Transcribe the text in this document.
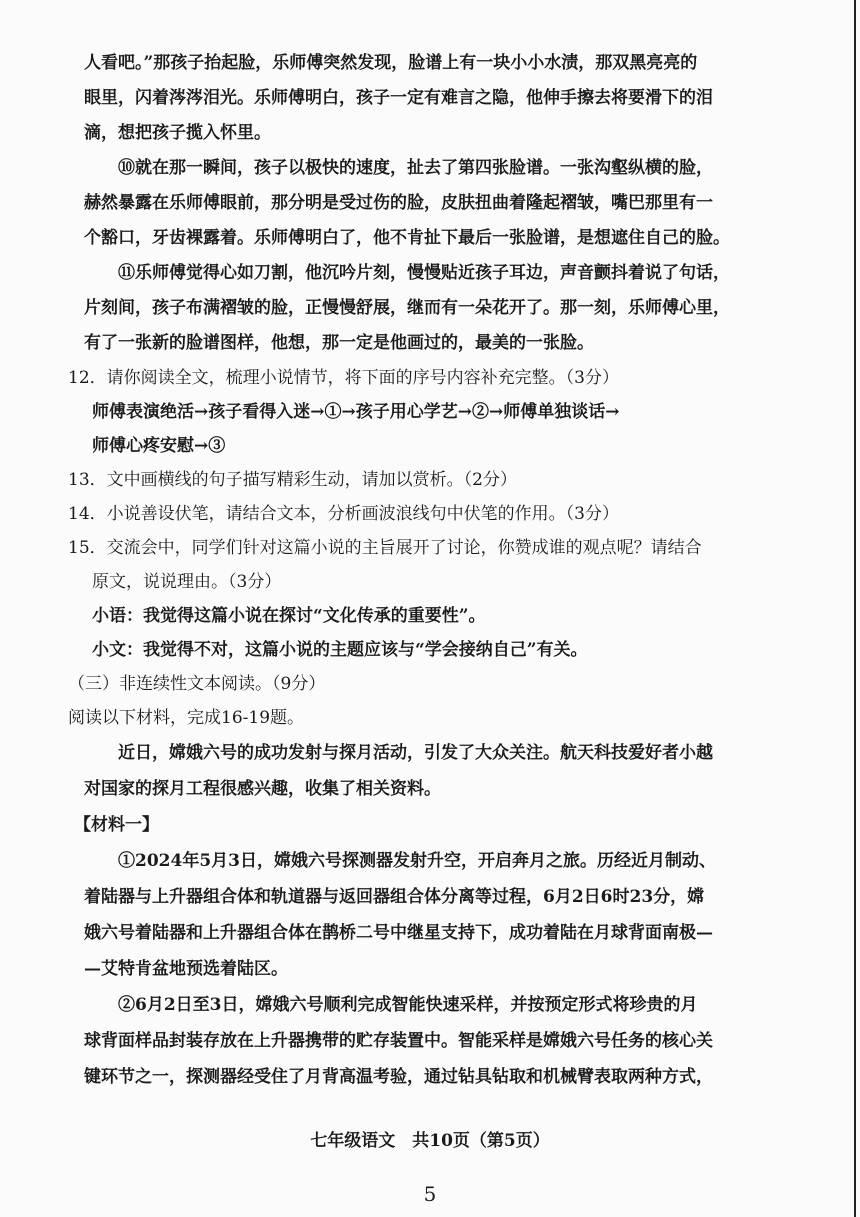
人看吧。”那孩子抬起脸，乐师傅突然发现，脸谱上有一块小小水渍，那双黑亮亮的

眼里，闪着涔涔泪光。乐师傅明白，孩子一定有难言之隐，他伸手擦去将要滑下的泪

滴，想把孩子揽入怀里。

⑩就在那一瞬间，孩子以极快的速度，扯去了第四张脸谱。一张沟壑纵横的脸，

赫然暴露在乐师傅眼前，那分明是受过伤的脸，皮肤扭曲着隆起褶皱，嘴巴那里有一

个豁口，牙齿裸露着。乐师傅明白了，他不肯扯下最后一张脸谱，是想遮住自己的脸。

⑪乐师傅觉得心如刀割，他沉吟片刻，慢慢贴近孩子耳边，声音颤抖着说了句话，

片刻间，孩子布满褶皱的脸，正慢慢舒展，继而有一朵花开了。那一刻，乐师傅心里，

有了一张新的脸谱图样，他想，那一定是他画过的，最美的一张脸。

12．请你阅读全文，梳理小说情节，将下面的序号内容补充完整。（3分）

师傅表演绝活→孩子看得入迷→①→孩子用心学艺→②→师傅单独谈话→

师傅心疼安慰→③

13．文中画横线的句子描写精彩生动，请加以赏析。（2分）

14．小说善设伏笔，请结合文本，分析画波浪线句中伏笔的作用。（3分）

15．交流会中，同学们针对这篇小说的主旨展开了讨论，你赞成谁的观点呢？请结合

原文，说说理由。（3分）

小语：我觉得这篇小说在探讨“文化传承的重要性”。

小文：我觉得不对，这篇小说的主题应该与“学会接纳自己”有关。

（三）非连续性文本阅读。（9分）

阅读以下材料，完成16-19题。

近日，嫦娥六号的成功发射与探月活动，引发了大众关注。航天科技爱好者小越

对国家的探月工程很感兴趣，收集了相关资料。

【材料一】

①2024年5月3日，嫦娥六号探测器发射升空，开启奔月之旅。历经近月制动、

着陆器与上升器组合体和轨道器与返回器组合体分离等过程，6月2日6时23分，嫦

娥六号着陆器和上升器组合体在鹊桥二号中继星支持下，成功着陆在月球背面南极—

—艾特肯盆地预选着陆区。

②6月2日至3日，嫦娥六号顺利完成智能快速采样，并按预定形式将珍贵的月

球背面样品封装存放在上升器携带的贮存装置中。智能采样是嫦娥六号任务的核心关

键环节之一，探测器经受住了月背高温考验，通过钻具钻取和机械臂表取两种方式，

七年级语文　共10页（第5页）
5
